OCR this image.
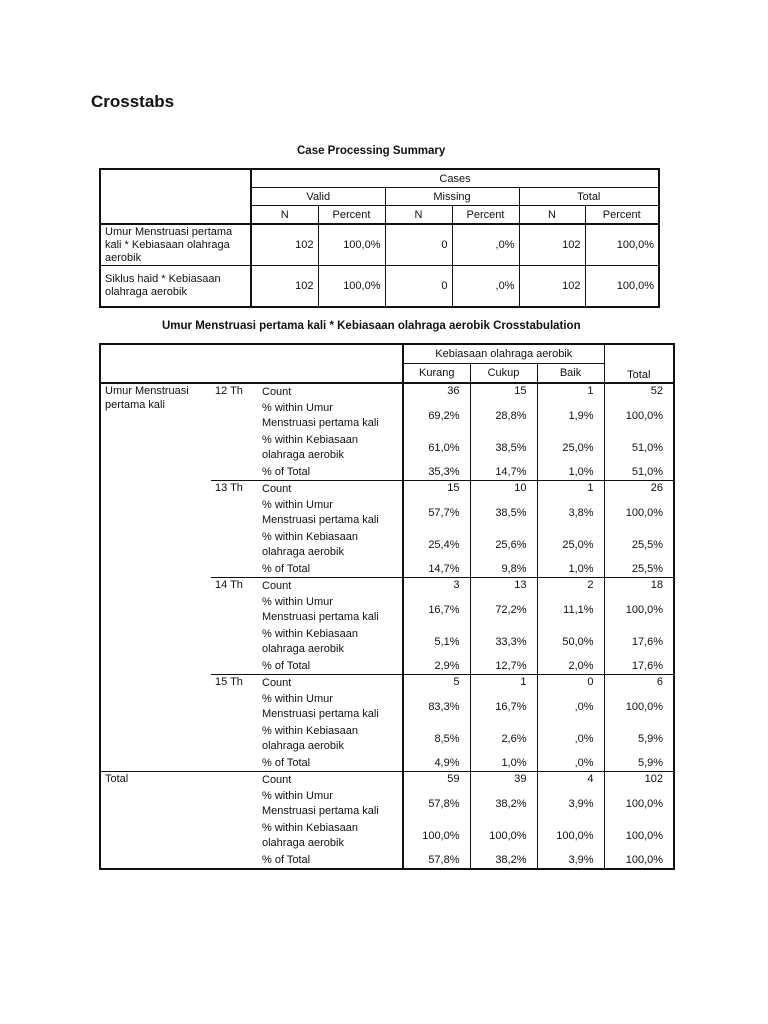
Crosstabs
Case Processing Summary
	Cases					
	Valid		Missing		Total	
	N	Percent	N	Percent	N	Percent
Umur Menstruasi pertama kali * Kebiasaan olahraga aerobik	102	100,0%	0	,0%	102	100,0%
Siklus haid * Kebiasaan olahraga aerobik	102	100,0%	0	,0%	102	100,0%
Umur Menstruasi pertama kali * Kebiasaan olahraga aerobik Crosstabulation
			Kebiasaan olahraga aerobik			Total
			Kurang	Cukup	Baik	
Umur Menstruasi pertama kali	12 Th	Count	36	15	1	52
		% within Umur Menstruasi pertama kali	69,2%	28,8%	1,9%	100,0%
		% within Kebiasaan olahraga aerobik	61,0%	38,5%	25,0%	51,0%
		% of Total	35,3%	14,7%	1,0%	51,0%
	13 Th	Count	15	10	1	26
		% within Umur Menstruasi pertama kali	57,7%	38,5%	3,8%	100,0%
		% within Kebiasaan olahraga aerobik	25,4%	25,6%	25,0%	25,5%
		% of Total	14,7%	9,8%	1,0%	25,5%
	14 Th	Count	3	13	2	18
		% within Umur Menstruasi pertama kali	16,7%	72,2%	11,1%	100,0%
		% within Kebiasaan olahraga aerobik	5,1%	33,3%	50,0%	17,6%
		% of Total	2,9%	12,7%	2,0%	17,6%
	15 Th	Count	5	1	0	6
		% within Umur Menstruasi pertama kali	83,3%	16,7%	,0%	100,0%
		% within Kebiasaan olahraga aerobik	8,5%	2,6%	,0%	5,9%
		% of Total	4,9%	1,0%	,0%	5,9%
Total		Count	59	39	4	102
		% within Umur Menstruasi pertama kali	57,8%	38,2%	3,9%	100,0%
		% within Kebiasaan olahraga aerobik	100,0%	100,0%	100,0%	100,0%
		% of Total	57,8%	38,2%	3,9%	100,0%
